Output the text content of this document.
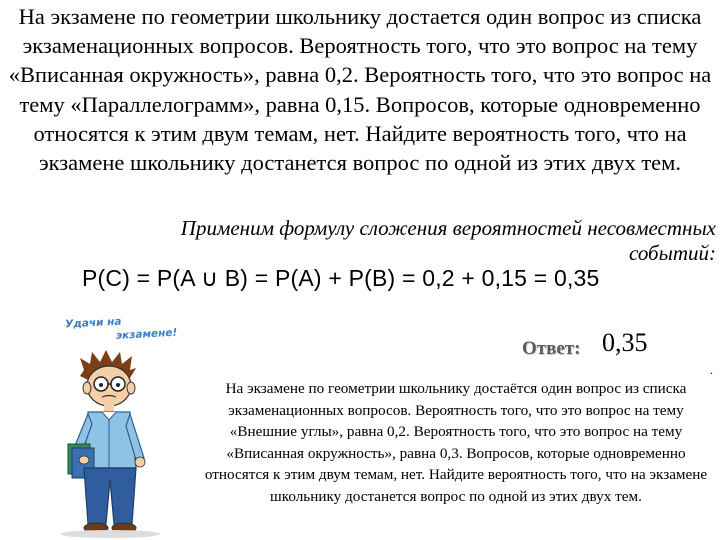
На экзамене по геометрии школьнику достается один вопрос из списка экзаменационных вопросов. Вероятность того, что это вопрос на тему «Вписанная окружность», равна 0,2. Вероятность того, что это вопрос на тему «Параллелограмм», равна 0,15. Вопросов, которые одновременно относятся к этим двум темам, нет. Найдите вероятность того, что на экзамене школьнику достанется вопрос по одной из этих двух тем.

Применим формулу сложения вероятностей несовместных событий:

P(C) = P(A ∪ B) = P(A) + P(B) = 0,2 + 0,15 = 0,35
Ответ: 0,35
.
Удачи на
экзамене!

На экзамене по геометрии школьнику достаётся один вопрос из списка экзаменационных вопросов. Вероятность того, что это вопрос на тему «Внешние углы», равна 0,2. Вероятность того, что это вопрос на тему «Вписанная окружность», равна 0,3. Вопросов, которые одновременно относятся к этим двум темам, нет. Найдите вероятность того, что на экзамене школьнику достанется вопрос по одной из этих двух тем.
